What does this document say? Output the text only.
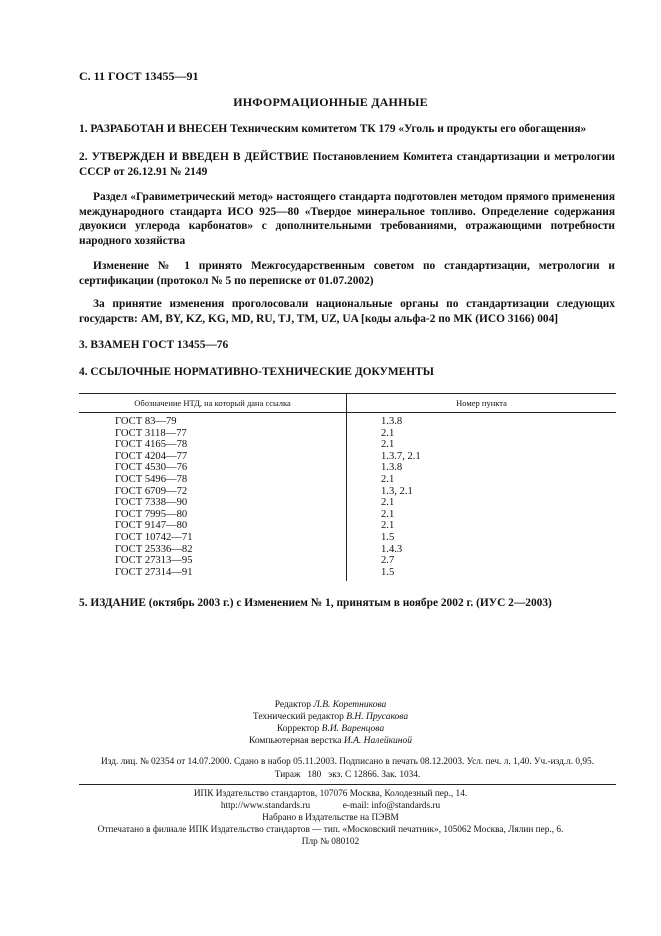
С. 11 ГОСТ 13455—91
ИНФОРМАЦИОННЫЕ ДАННЫЕ
1. РАЗРАБОТАН И ВНЕСЕН Техническим комитетом ТК 179 «Уголь и продукты его обогащения»
2. УТВЕРЖДЕН И ВВЕДЕН В ДЕЙСТВИЕ Постановлением Комитета стандартизации и метрологии СССР от 26.12.91 № 2149
Раздел «Гравиметрический метод» настоящего стандарта подготовлен методом прямого применения международного стандарта ИСО 925—80 «Твердое минеральное топливо. Определение содержания двуокиси углерода карбонатов» с дополнительными требованиями, отражающими потребности народного хозяйства
Изменение № 1 принято Межгосударственным советом по стандартизации, метрологии и сертификации (протокол № 5 по переписке от 01.07.2002)
За принятие изменения проголосовали национальные органы по стандартизации следующих государств: AM, BY, KZ, KG, MD, RU, TJ, TM, UZ, UA [коды альфа-2 по МК (ИСО 3166) 004]
3. ВЗАМЕН ГОСТ 13455—76
4. ССЫЛОЧНЫЕ НОРМАТИВНО-ТЕХНИЧЕСКИЕ ДОКУМЕНТЫ
Обозначение НТД, на который дана ссылка	Номер пункта
ГОСТ 83—79
ГОСТ 3118—77
ГОСТ 4165—78
ГОСТ 4204—77
ГОСТ 4530—76
ГОСТ 5496—78
ГОСТ 6709—72
ГОСТ 7338—90
ГОСТ 7995—80
ГОСТ 9147—80
ГОСТ 10742—71
ГОСТ 25336—82
ГОСТ 27313—95
ГОСТ 27314—91
1.3.8
2.1
2.1
1.3.7, 2.1
1.3.8
2.1
1.3, 2.1
2.1
2.1
2.1
1.5
1.4.3
2.7
1.5
5. ИЗДАНИЕ (октябрь 2003 г.) с Изменением № 1, принятым в ноябре 2002 г. (ИУС 2—2003)
Редактор Л.В. Коретникова
Технический редактор В.Н. Прусакова
Корректор В.И. Варенцова
Компьютерная верстка И.А. Налейкиной
Изд. лиц. № 02354 от 14.07.2000. Сдано в набор 05.11.2003. Подписано в печать 08.12.2003. Усл. печ. л. 1,40. Уч.-изд.л. 0,95.
Тираж   180   экз. С 12866. Зак. 1034.
ИПК Издательство стандартов, 107076 Москва, Колодезный пер., 14.
http://www.standards.ru	e-mail: info@standards.ru
Набрано в Издательстве на ПЭВМ
Отпечатано в филиале ИПК Издательство стандартов — тип. «Московский печатник», 105062 Москва, Лялин пер., 6.
Плр № 080102
